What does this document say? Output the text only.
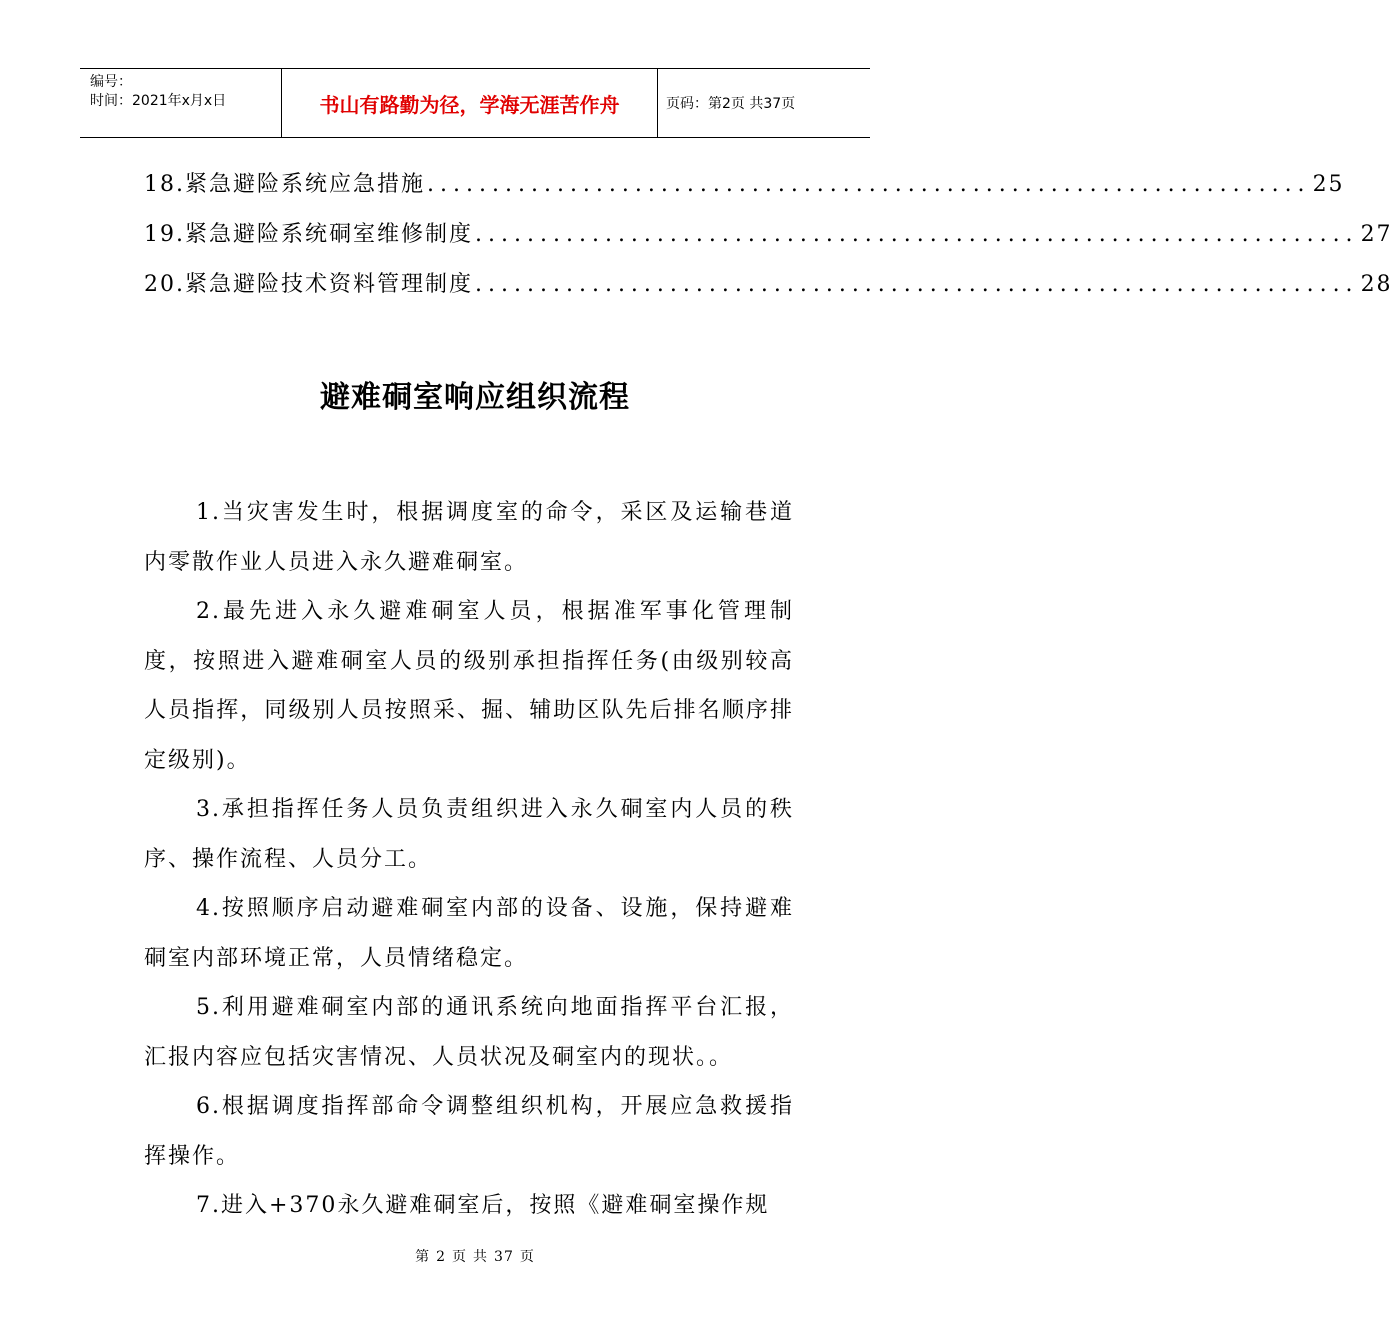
编号：
时间：2021年x月x日	书山有路勤为径，学海无涯苦作舟	页码：第2页 共37页
18. 紧急避险系统应急措施 .................................................................... 25
19. 紧急避险系统硐室维修制度 .................................................................... 27
20. 紧急避险技术资料管理制度 .................................................................... 28
避难硐室响应组织流程

1.当灾害发生时，根据调度室的命令，采区及运输巷道内零散作业人员进入永久避难硐室。

2.最先进入永久避难硐室人员，根据准军事化管理制度，按照进入避难硐室人员的级别承担指挥任务(由级别较高人员指挥，同级别人员按照采、掘、辅助区队先后排名顺序排定级别)。

3.承担指挥任务人员负责组织进入永久硐室内人员的秩序、操作流程、人员分工。

4.按照顺序启动避难硐室内部的设备、设施，保持避难硐室内部环境正常，人员情绪稳定。

5.利用避难硐室内部的通讯系统向地面指挥平台汇报，汇报内容应包括灾害情况、人员状况及硐室内的现状。。

6.根据调度指挥部命令调整组织机构，开展应急救援指挥操作。

7.进入+370永久避难硐室后，按照《避难硐室操作规

第 2 页 共 37 页
